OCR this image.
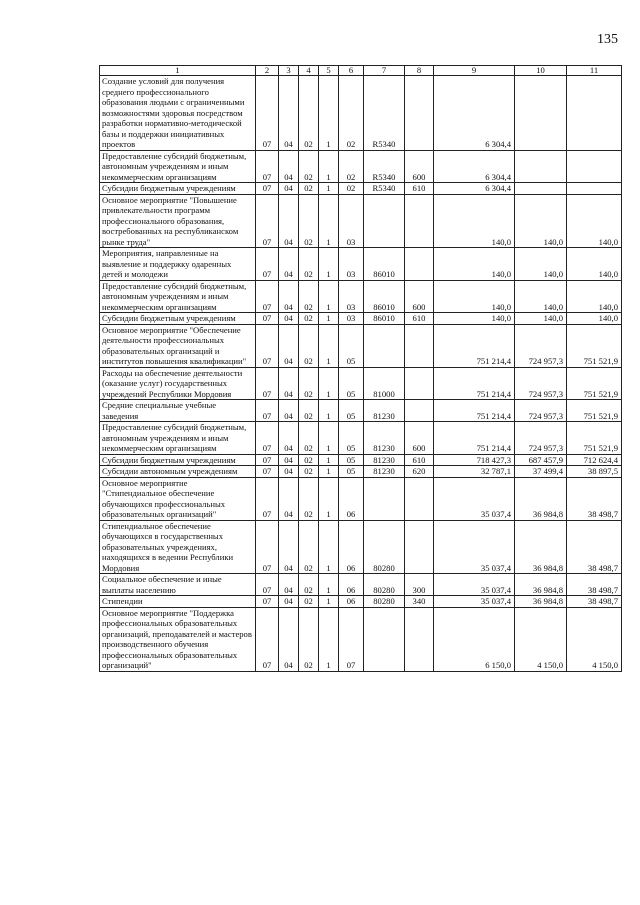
135
1	2	3	4	5	6	7	8	9	10	11
Создание условий для получения среднего профессионального образования людьми с ограниченными возможностями здоровья посредством разработки нормативно-методической базы и поддержки инициативных проектов	07	04	02	1	02	R5340		6 304,4		
Предоставление субсидий бюджетным, автономным учреждениям и иным некоммерческим организациям	07	04	02	1	02	R5340	600	6 304,4		
Субсидии бюджетным учреждениям	07	04	02	1	02	R5340	610	6 304,4		
Основное мероприятие "Повышение привлекательности программ профессионального образования, востребованных на республиканском рынке труда"	07	04	02	1	03			140,0	140,0	140,0
Мероприятия, направленные на выявление и поддержку одаренных детей и молодежи	07	04	02	1	03	86010		140,0	140,0	140,0
Предоставление субсидий бюджетным, автономным учреждениям и иным некоммерческим организациям	07	04	02	1	03	86010	600	140,0	140,0	140,0
Субсидии бюджетным учреждениям	07	04	02	1	03	86010	610	140,0	140,0	140,0
Основное мероприятие "Обеспечение деятельности профессиональных образовательных организаций и институтов повышения квалификации"	07	04	02	1	05			751 214,4	724 957,3	751 521,9
Расходы на обеспечение деятельности (оказание услуг) государственных учреждений Республики Мордовия	07	04	02	1	05	81000		751 214,4	724 957,3	751 521,9
Средние специальные учебные заведения	07	04	02	1	05	81230		751 214,4	724 957,3	751 521,9
Предоставление субсидий бюджетным, автономным учреждениям и иным некоммерческим организациям	07	04	02	1	05	81230	600	751 214,4	724 957,3	751 521,9
Субсидии бюджетным учреждениям	07	04	02	1	05	81230	610	718 427,3	687 457,9	712 624,4
Субсидии автономным учреждениям	07	04	02	1	05	81230	620	32 787,1	37 499,4	38 897,5
Основное мероприятие "Стипендиальное обеспечение обучающихся профессиональных образовательных организаций"	07	04	02	1	06			35 037,4	36 984,8	38 498,7
Стипендиальное обеспечение обучающихся в государственных образовательных учреждениях, находящихся в ведении Республики Мордовия	07	04	02	1	06	80280		35 037,4	36 984,8	38 498,7
Социальное обеспечение и иные выплаты населению	07	04	02	1	06	80280	300	35 037,4	36 984,8	38 498,7
Стипендии	07	04	02	1	06	80280	340	35 037,4	36 984,8	38 498,7
Основное мероприятие "Поддержка профессиональных образовательных организаций, преподавателей и мастеров производственного обучения профессиональных образовательных организаций"	07	04	02	1	07			6 150,0	4 150,0	4 150,0
